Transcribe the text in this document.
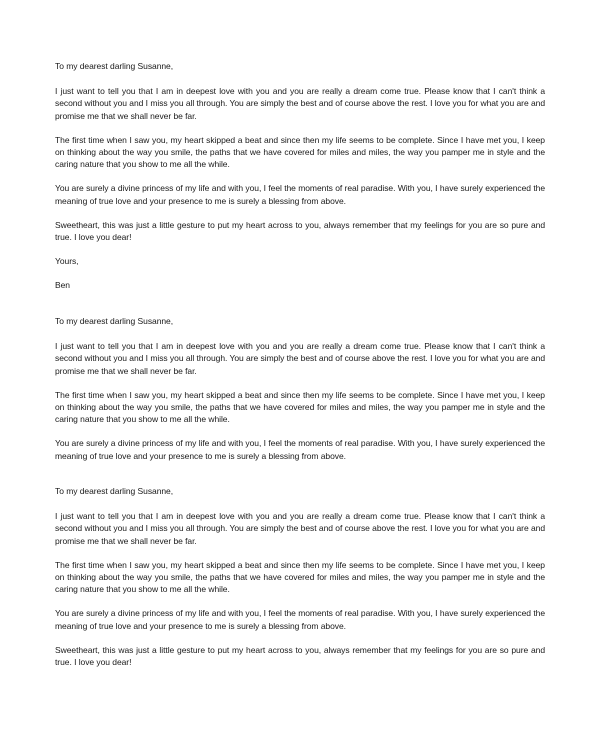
To my dearest darling Susanne,

I just want to tell you that I am in deepest love with you and you are really a dream come true. Please know that I can't think a second without you and I miss you all through. You are simply the best and of course above the rest. I love you for what you are and promise me that we shall never be far.

The first time when I saw you, my heart skipped a beat and since then my life seems to be complete. Since I have met you, I keep on thinking about the way you smile, the paths that we have covered for miles and miles, the way you pamper me in style and the caring nature that you show to me all the while.

You are surely a divine princess of my life and with you, I feel the moments of real paradise. With you, I have surely experienced the meaning of true love and your presence to me is surely a blessing from above.

Sweetheart, this was just a little gesture to put my heart across to you, always remember that my feelings for you are so pure and true. I love you dear!

Yours,

Ben

To my dearest darling Susanne,

I just want to tell you that I am in deepest love with you and you are really a dream come true. Please know that I can't think a second without you and I miss you all through. You are simply the best and of course above the rest. I love you for what you are and promise me that we shall never be far.

The first time when I saw you, my heart skipped a beat and since then my life seems to be complete. Since I have met you, I keep on thinking about the way you smile, the paths that we have covered for miles and miles, the way you pamper me in style and the caring nature that you show to me all the while.

You are surely a divine princess of my life and with you, I feel the moments of real paradise. With you, I have surely experienced the meaning of true love and your presence to me is surely a blessing from above.

To my dearest darling Susanne,

I just want to tell you that I am in deepest love with you and you are really a dream come true. Please know that I can't think a second without you and I miss you all through. You are simply the best and of course above the rest. I love you for what you are and promise me that we shall never be far.

The first time when I saw you, my heart skipped a beat and since then my life seems to be complete. Since I have met you, I keep on thinking about the way you smile, the paths that we have covered for miles and miles, the way you pamper me in style and the caring nature that you show to me all the while.

You are surely a divine princess of my life and with you, I feel the moments of real paradise. With you, I have surely experienced the meaning of true love and your presence to me is surely a blessing from above.

Sweetheart, this was just a little gesture to put my heart across to you, always remember that my feelings for you are so pure and true. I love you dear!
